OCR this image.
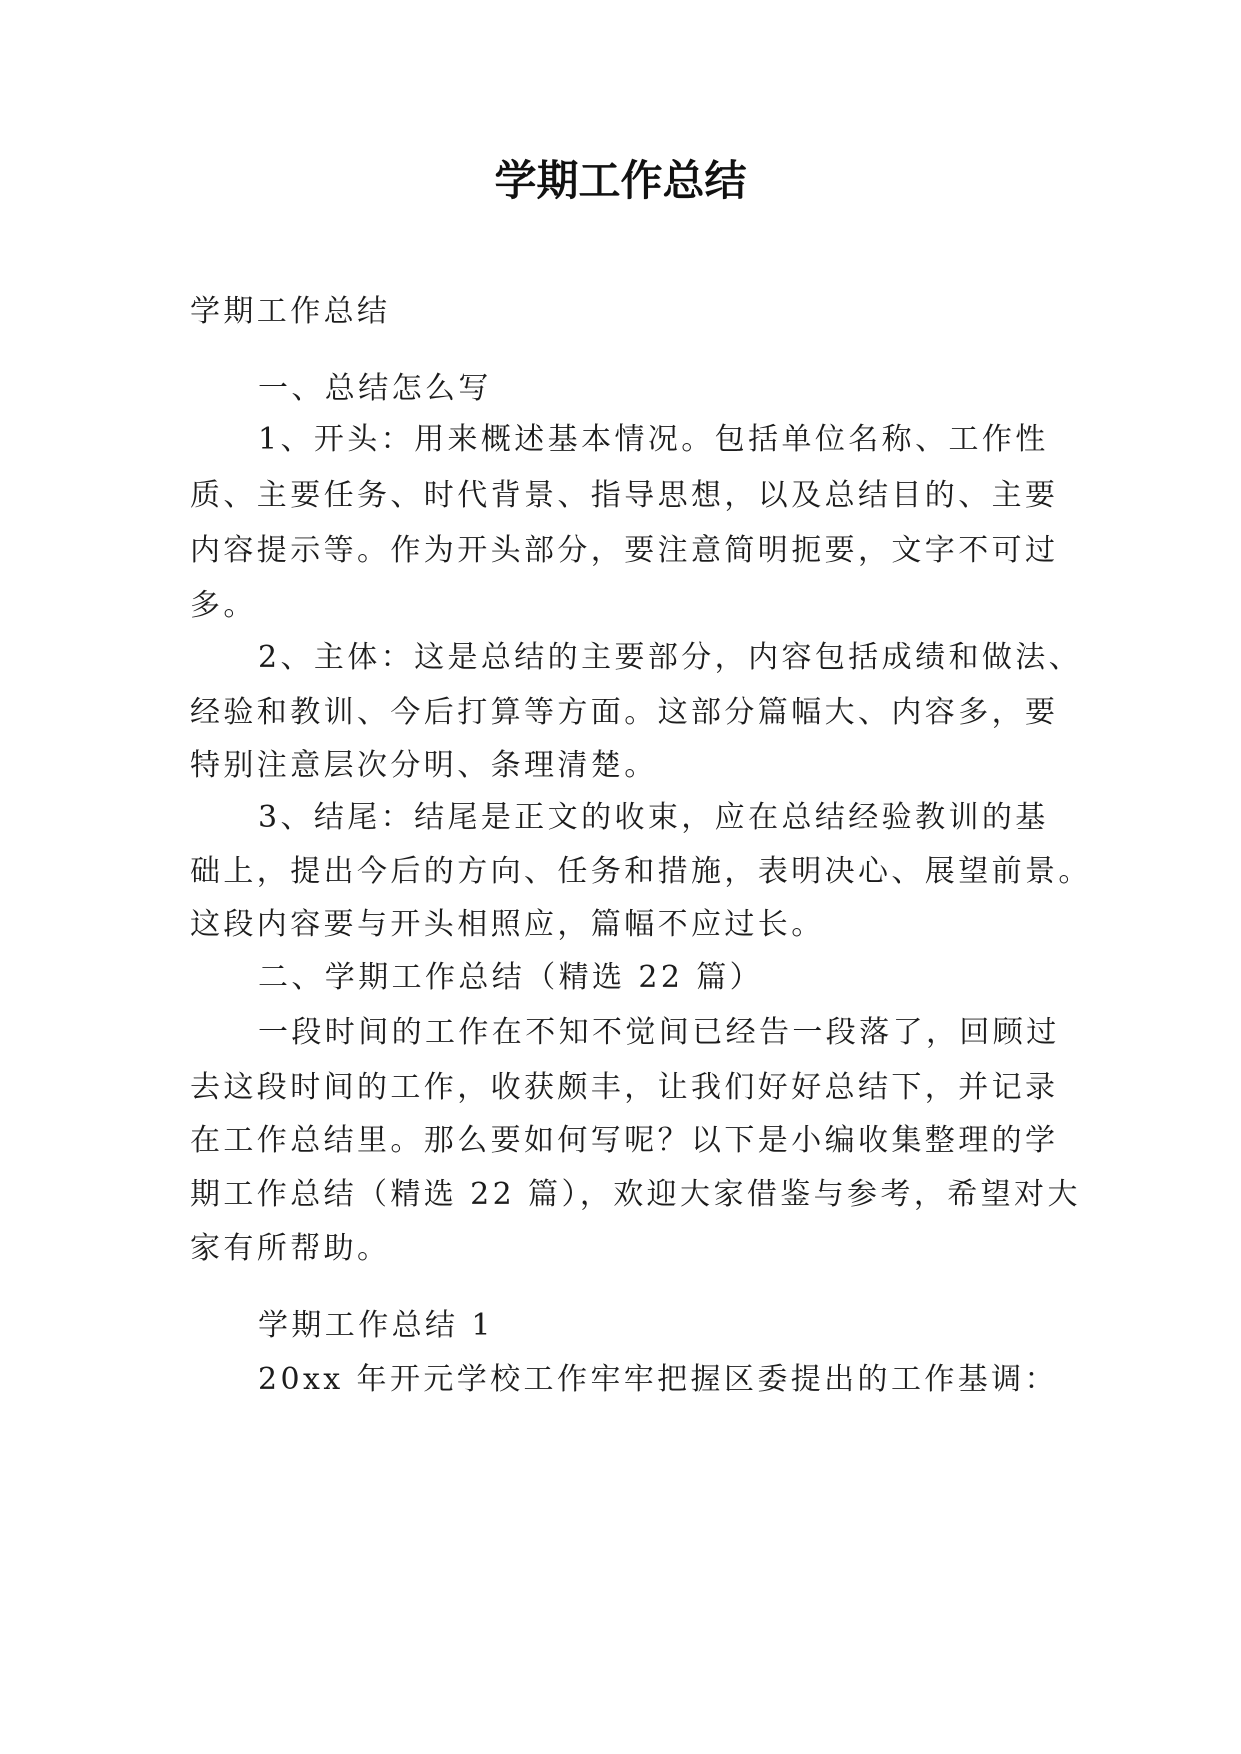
学期工作总结

学期工作总结

一、总结怎么写

1、开头：用来概述基本情况。包括单位名称、工作性

质、主要任务、时代背景、指导思想，以及总结目的、主要

内容提示等。作为开头部分，要注意简明扼要，文字不可过

多。

2、主体：这是总结的主要部分，内容包括成绩和做法、

经验和教训、今后打算等方面。这部分篇幅大、内容多，要

特别注意层次分明、条理清楚。

3、结尾：结尾是正文的收束，应在总结经验教训的基

础上，提出今后的方向、任务和措施，表明决心、展望前景。

这段内容要与开头相照应，篇幅不应过长。

二、学期工作总结（精选 22 篇）

一段时间的工作在不知不觉间已经告一段落了，回顾过

去这段时间的工作，收获颇丰，让我们好好总结下，并记录

在工作总结里。那么要如何写呢？以下是小编收集整理的学

期工作总结（精选 22 篇），欢迎大家借鉴与参考，希望对大

家有所帮助。

学期工作总结 1

20xx 年开元学校工作牢牢把握区委提出的工作基调：
